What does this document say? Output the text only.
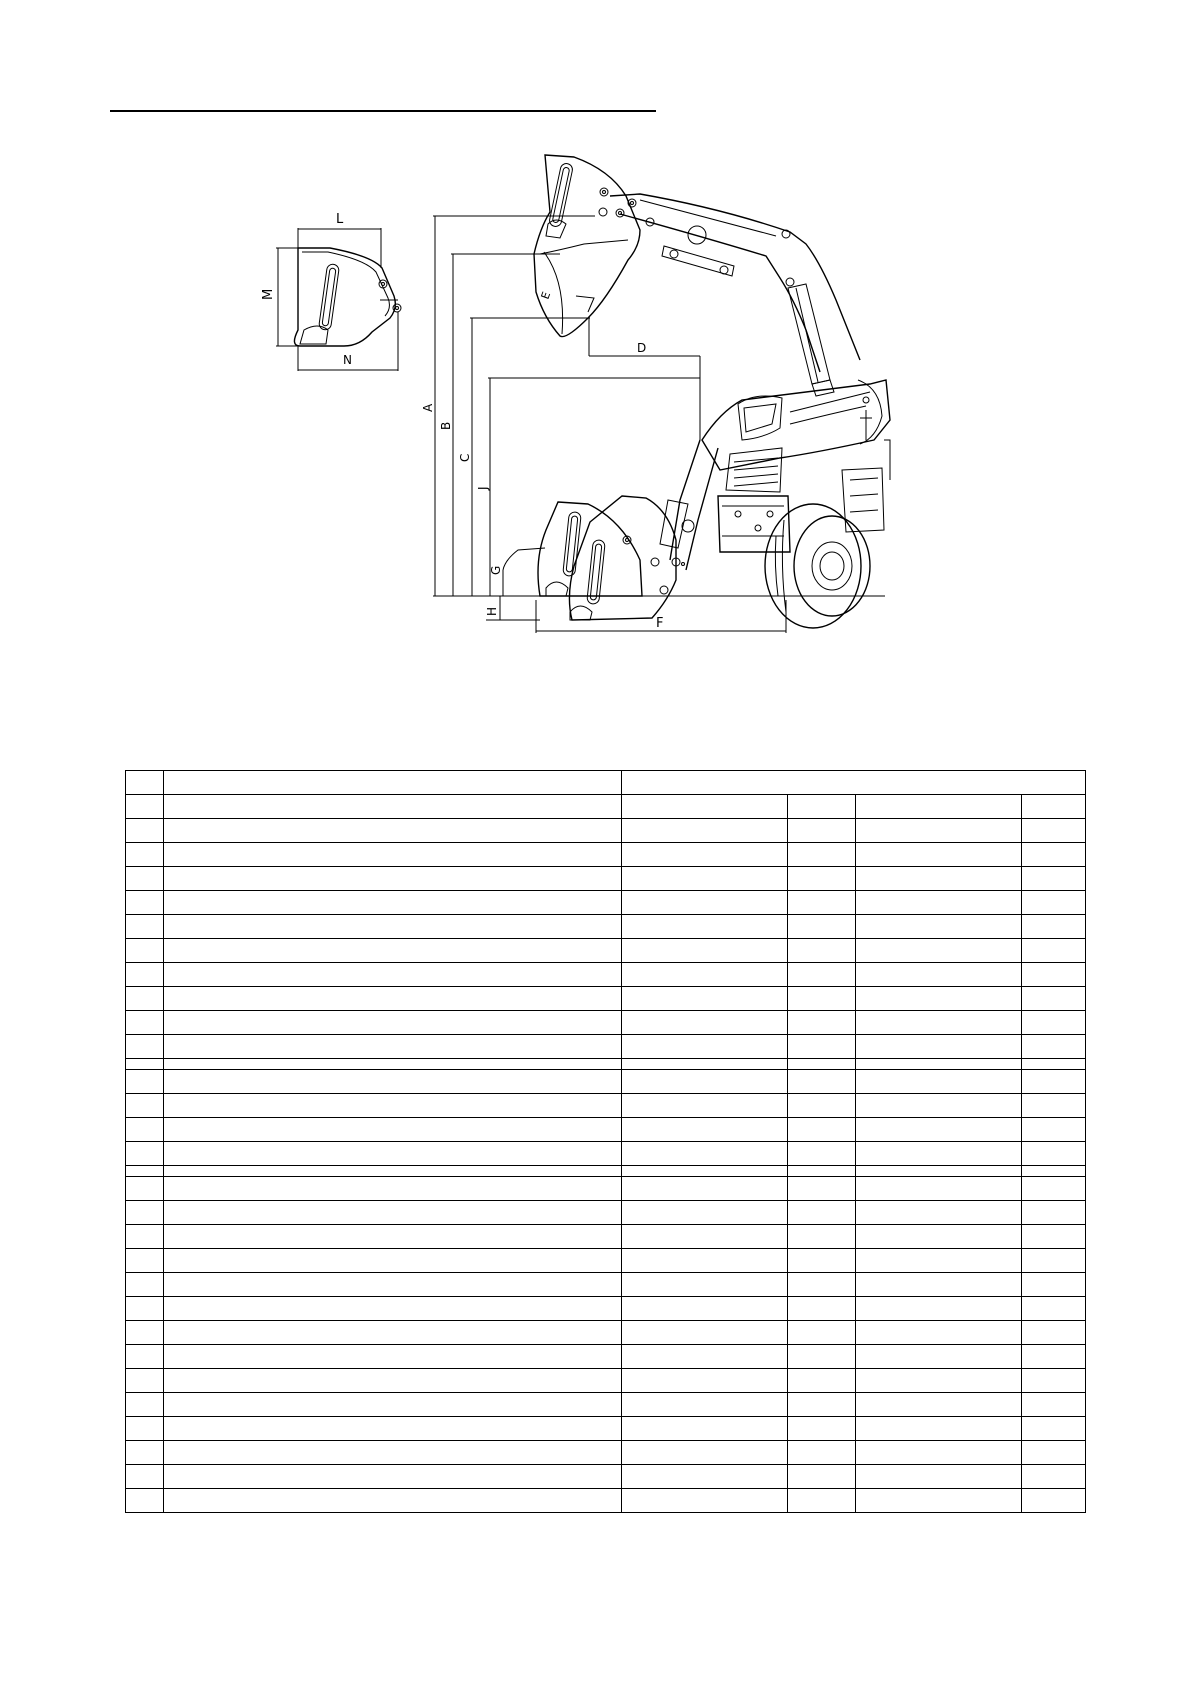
L
M
N
A
B
C
J
G
H
D
F
E
